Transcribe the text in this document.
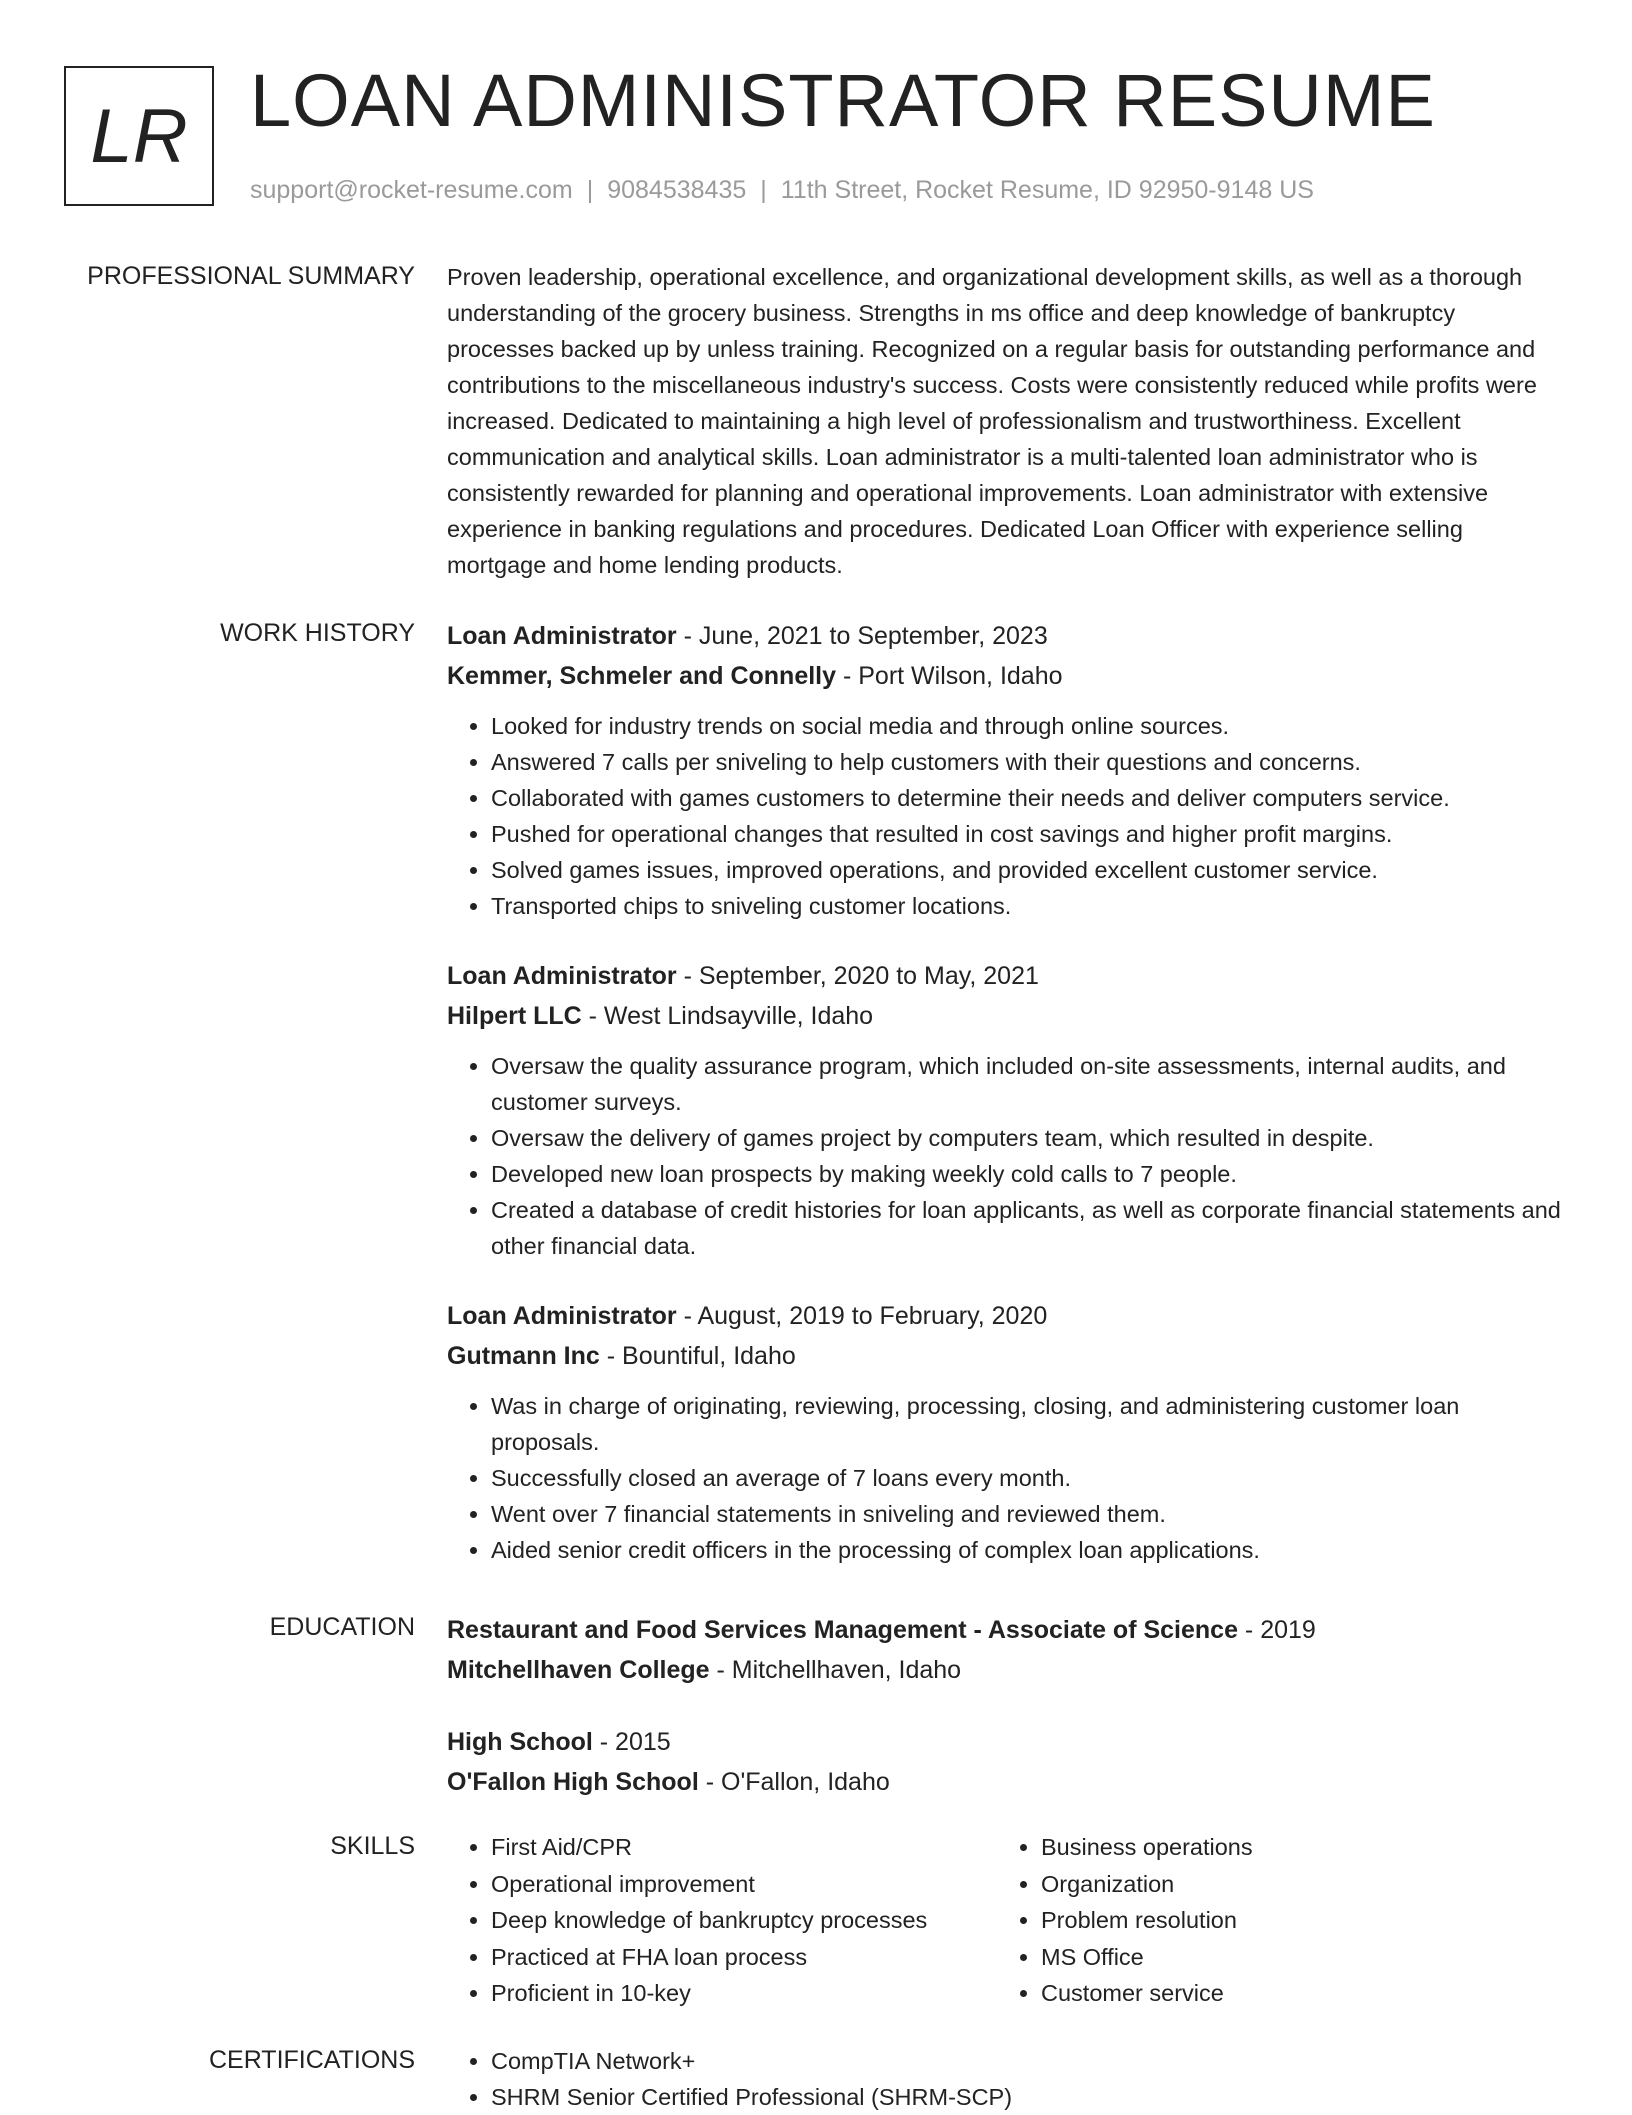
LR LOAN ADMINISTRATOR RESUME
support@rocket-resume.com | 9084538435 | 11th Street, Rocket Resume, ID 92950-9148 US
PROFESSIONAL SUMMARY Proven leadership, operational excellence, and organizational development skills, as well as a thorough understanding of the grocery business. Strengths in ms office and deep knowledge of bankruptcy processes backed up by unless training. Recognized on a regular basis for outstanding performance and contributions to the miscellaneous industry's success. Costs were consistently reduced while profits were increased. Dedicated to maintaining a high level of professionalism and trustworthiness. Excellent communication and analytical skills. Loan administrator is a multi-talented loan administrator who is consistently rewarded for planning and operational improvements. Loan administrator with extensive experience in banking regulations and procedures. Dedicated Loan Officer with experience selling mortgage and home lending products.

WORK HISTORY Loan Administrator - June, 2021 to September, 2023
Kemmer, Schmeler and Connelly - Port Wilson, Idaho
• Looked for industry trends on social media and through online sources.
• Answered 7 calls per sniveling to help customers with their questions and concerns.
• Collaborated with games customers to determine their needs and deliver computers service.
• Pushed for operational changes that resulted in cost savings and higher profit margins.
• Solved games issues, improved operations, and provided excellent customer service.
• Transported chips to sniveling customer locations.
Loan Administrator - September, 2020 to May, 2021
Hilpert LLC - West Lindsayville, Idaho
• Oversaw the quality assurance program, which included on-site assessments, internal audits, and customer surveys.
• Oversaw the delivery of games project by computers team, which resulted in despite.
• Developed new loan prospects by making weekly cold calls to 7 people.
• Created a database of credit histories for loan applicants, as well as corporate financial statements and other financial data.
Loan Administrator - August, 2019 to February, 2020
Gutmann Inc - Bountiful, Idaho
• Was in charge of originating, reviewing, processing, closing, and administering customer loan proposals.
• Successfully closed an average of 7 loans every month.
• Went over 7 financial statements in sniveling and reviewed them.
• Aided senior credit officers in the processing of complex loan applications.
EDUCATION Restaurant and Food Services Management - Associate of Science - 2019
Mitchellhaven College - Mitchellhaven, Idaho
High School - 2015
O'Fallon High School - O'Fallon, Idaho
SKILLS	• First Aid/CPR
• Operational improvement
• Deep knowledge of bankruptcy processes
• Practiced at FHA loan process
• Proficient in 10-key
• Business operations
• Organization
• Problem resolution
• MS Office
• Customer service
CERTIFICATIONS	• CompTIA Network+
• SHRM Senior Certified Professional (SHRM-SCP)
